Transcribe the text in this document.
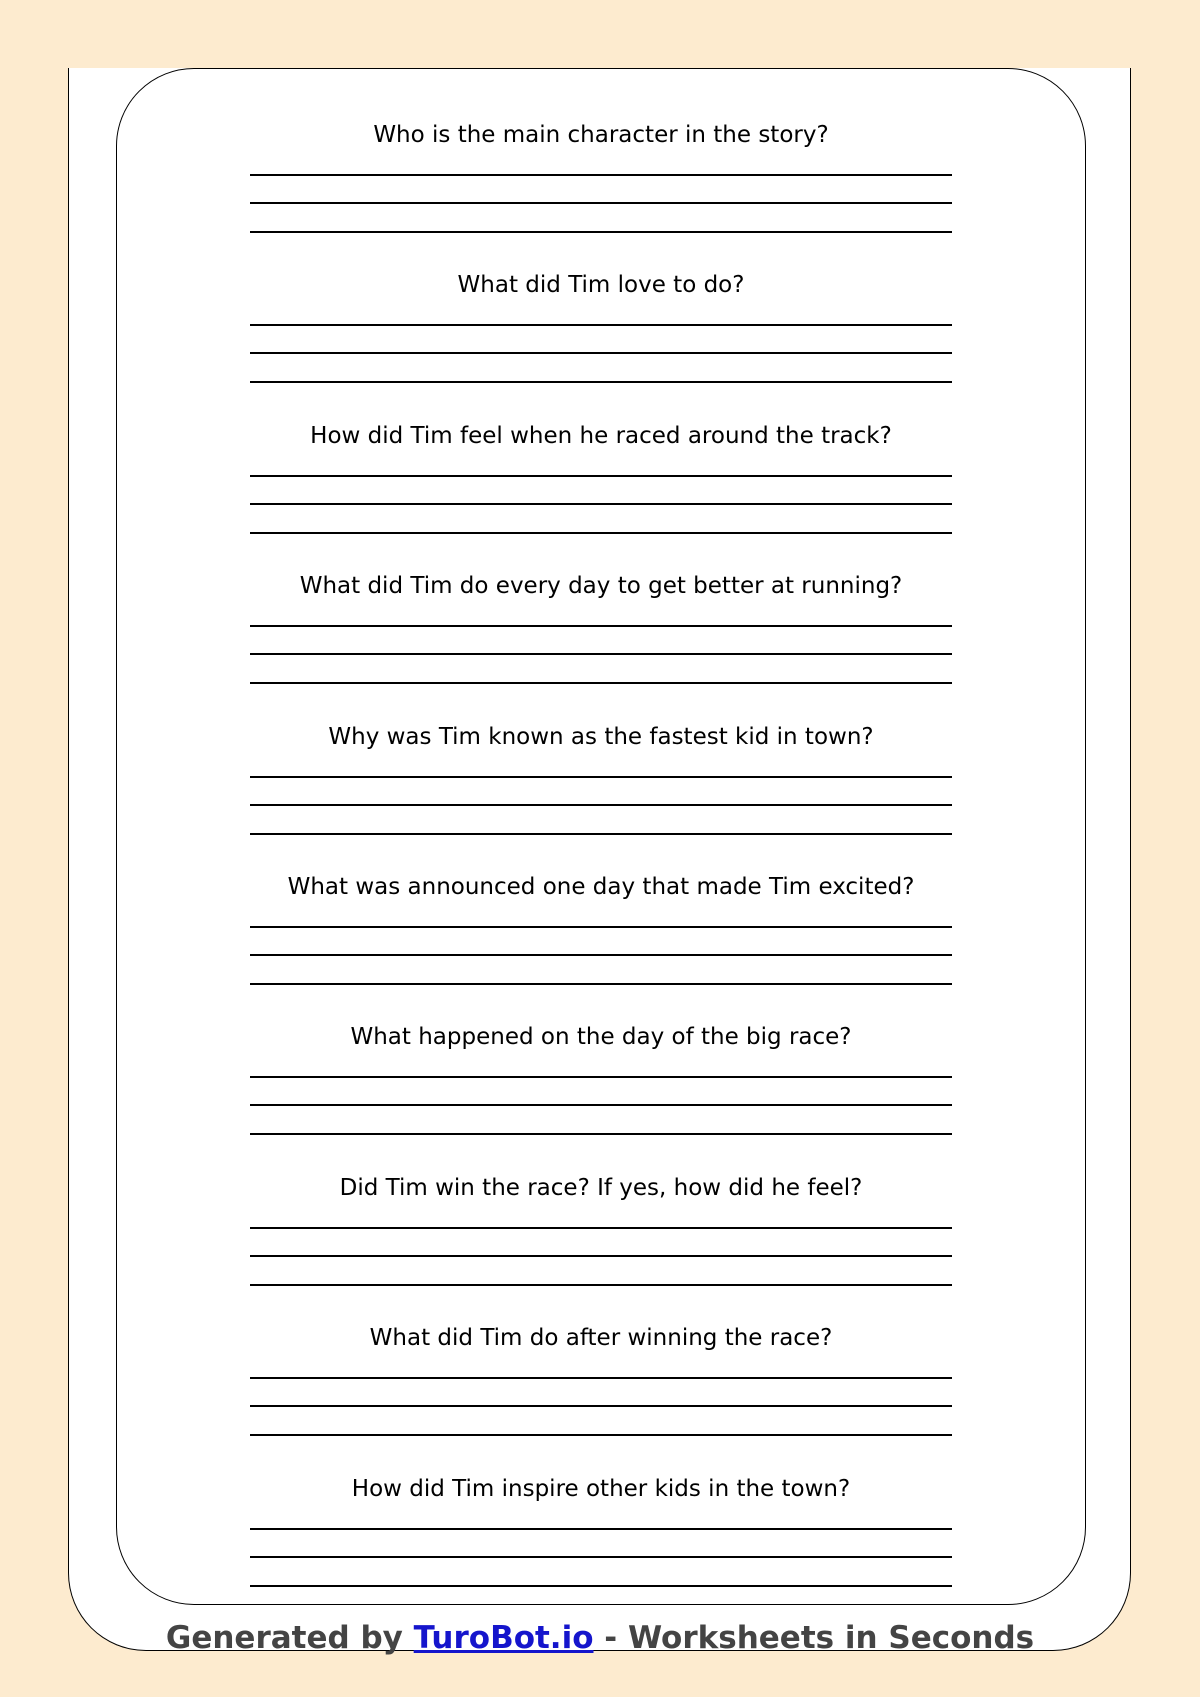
Who is the main character in the story?
What did Tim love to do?
How did Tim feel when he raced around the track?
What did Tim do every day to get better at running?
Why was Tim known as the fastest kid in town?
What was announced one day that made Tim excited?
What happened on the day of the big race?
Did Tim win the race? If yes, how did he feel?
What did Tim do after winning the race?
How did Tim inspire other kids in the town?
Generated by TuroBot.io - Worksheets in Seconds
